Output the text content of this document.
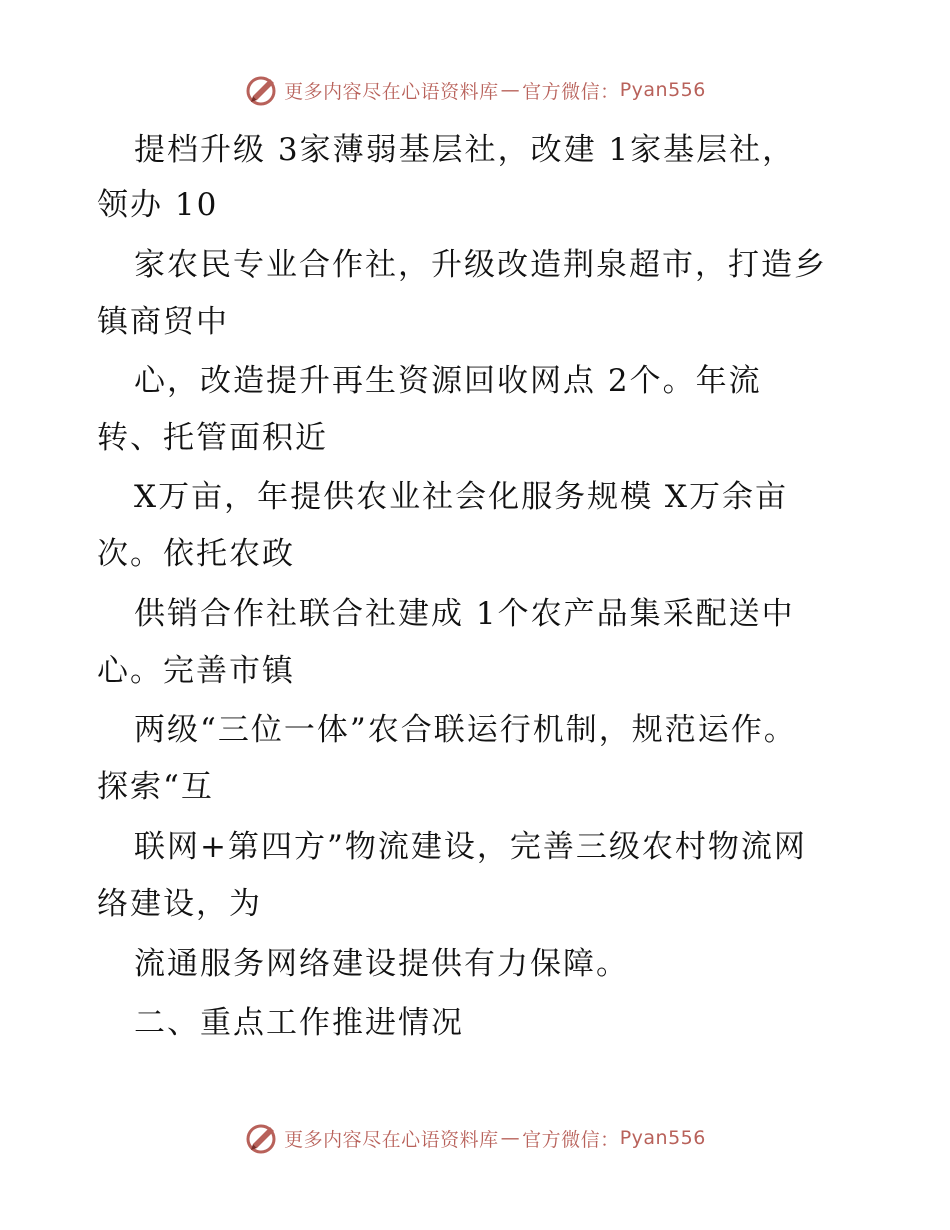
更多内容尽在心语资料库 — 官方微信： Pyan556
提档升级 3家薄弱基层社，改建 1家基层社，
领办 10
家农民专业合作社，升级改造荆泉超市，打造乡
镇商贸中
心，改造提升再生资源回收网点 2个。年流
转、托管面积近
X万亩，年提供农业社会化服务规模 X万余亩
次。依托农政
供销合作社联合社建成 1个农产品集采配送中
心。完善市镇
两级“三位一体”农合联运行机制，规范运作。
探索“互
联网+第四方”物流建设，完善三级农村物流网
络建设，为
流通服务网络建设提供有力保障。
二、重点工作推进情况
更多内容尽在心语资料库 — 官方微信： Pyan556
